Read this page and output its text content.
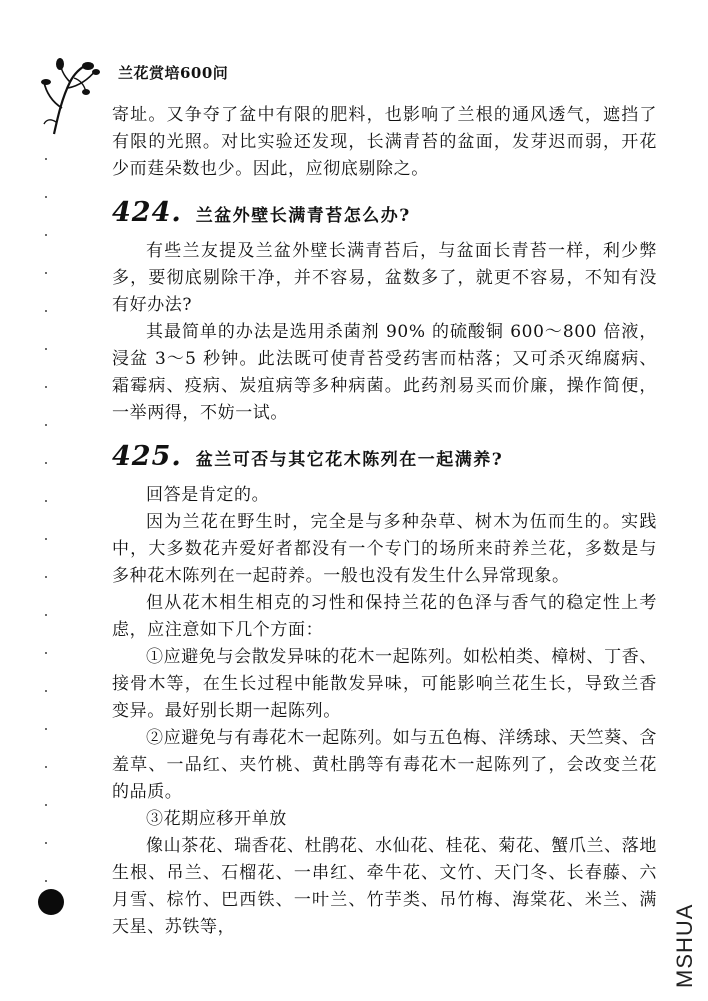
兰花赏培600问
MSHUA

寄址。又争夺了盆中有限的肥料，也影响了兰根的通风透气，遮挡了有限的光照。对比实验还发现，长满青苔的盆面，发芽迟而弱，开花少而莛朵数也少。因此，应彻底剔除之。

424. 兰盆外壁长满青苔怎么办?

有些兰友提及兰盆外壁长满青苔后，与盆面长青苔一样，利少弊多，要彻底剔除干净，并不容易，盆数多了，就更不容易，不知有没有好办法?

其最简单的办法是选用杀菌剂 90% 的硫酸铜 600～800 倍液，浸盆 3～5 秒钟。此法既可使青苔受药害而枯落；又可杀灭绵腐病、霜霉病、疫病、炭疽病等多种病菌。此药剂易买而价廉，操作简便，一举两得，不妨一试。

425. 盆兰可否与其它花木陈列在一起满养?

回答是肯定的。

因为兰花在野生时，完全是与多种杂草、树木为伍而生的。实践中，大多数花卉爱好者都没有一个专门的场所来莳养兰花，多数是与多种花木陈列在一起莳养。一般也没有发生什么异常现象。

但从花木相生相克的习性和保持兰花的色泽与香气的稳定性上考虑，应注意如下几个方面：

①应避免与会散发异味的花木一起陈列。如松柏类、樟树、丁香、接骨木等，在生长过程中能散发异味，可能影响兰花生长，导致兰香变异。最好别长期一起陈列。

②应避免与有毒花木一起陈列。如与五色梅、洋绣球、天竺葵、含羞草、一品红、夹竹桃、黄杜鹃等有毒花木一起陈列了，会改变兰花的品质。

③花期应移开单放

像山茶花、瑞香花、杜鹃花、水仙花、桂花、菊花、蟹爪兰、落地生根、吊兰、石榴花、一串红、牵牛花、文竹、天门冬、长春藤、六月雪、棕竹、巴西铁、一叶兰、竹芋类、吊竹梅、海棠花、米兰、满天星、苏铁等，
